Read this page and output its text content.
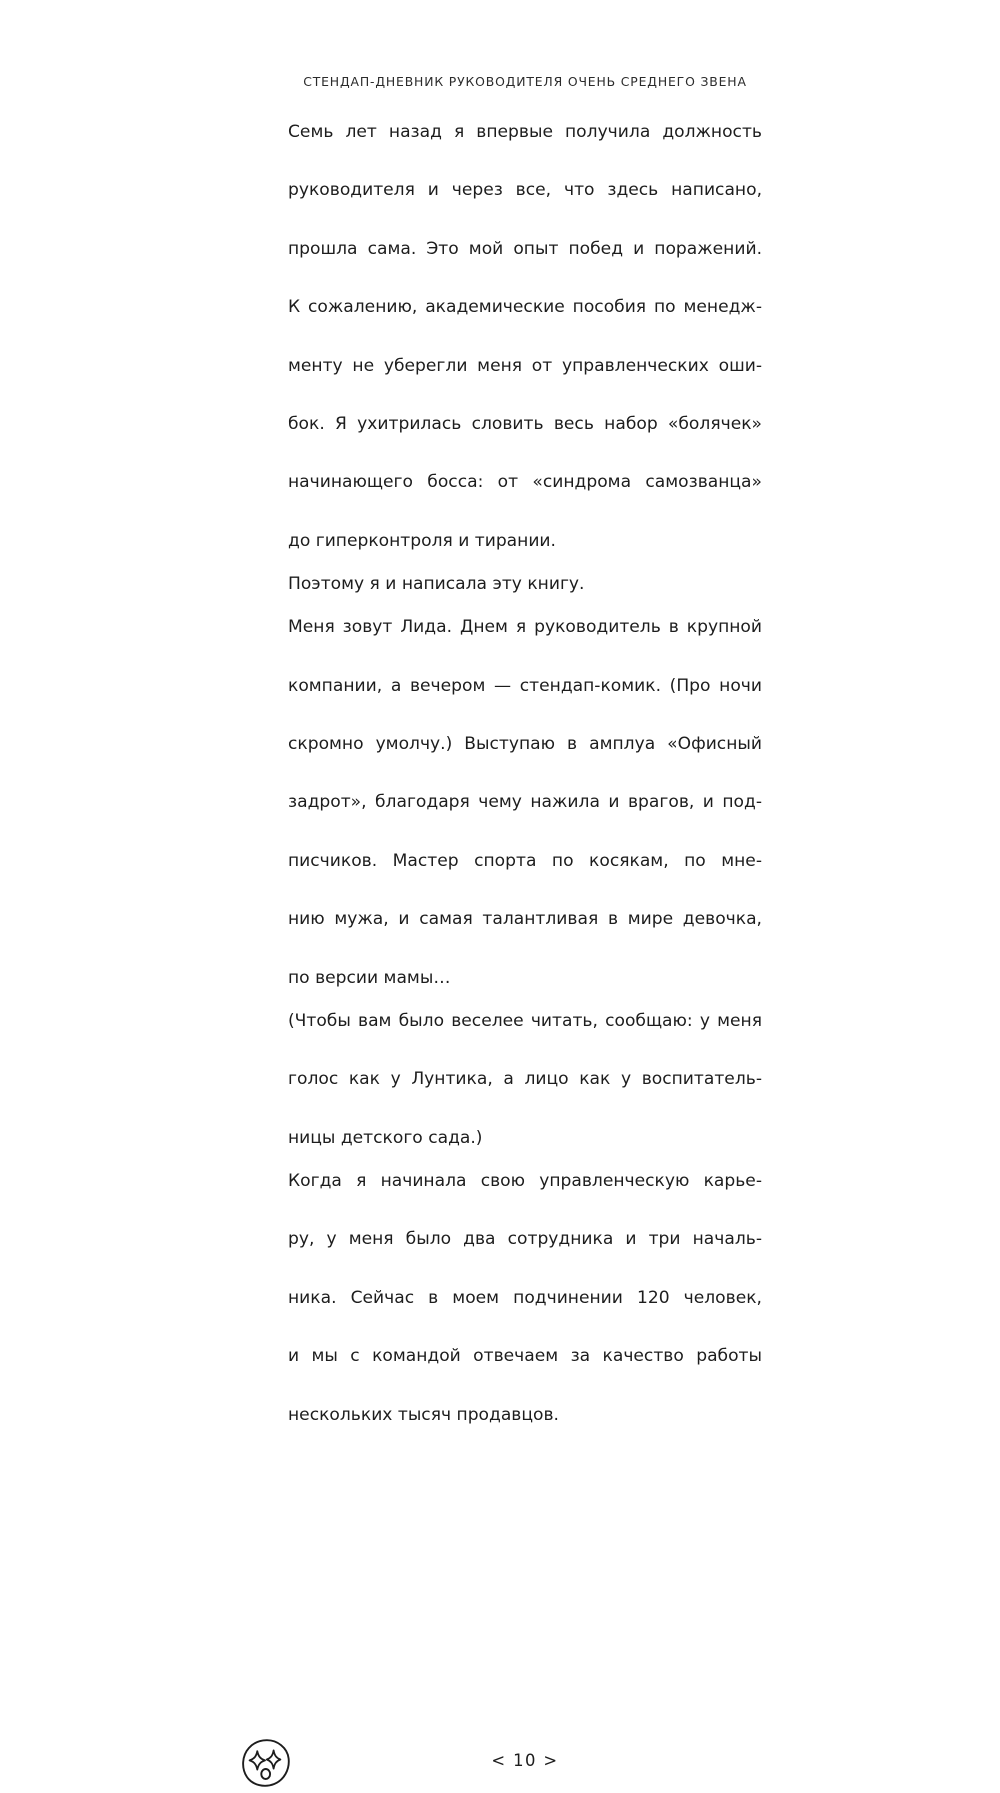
СТЕНДАП-ДНЕВНИК РУКОВОДИТЕЛЯ ОЧЕНЬ СРЕДНЕГО ЗВЕНА

Семь лет назад я впервые получила должность
руководителя и через все, что здесь написано,
прошла сама. Это мой опыт побед и поражений.
К сожалению, академические пособия по менедж-
менту не уберегли меня от управленческих оши-
бок. Я ухитрилась словить весь набор «болячек»
начинающего босса: от «синдрома самозванца»
до гиперконтроля и тирании.

Поэтому я и написала эту книгу.

Меня зовут Лида. Днем я руководитель в крупной
компании, а вечером — стендап-комик. (Про ночи
скромно умолчу.) Выступаю в амплуа «Офисный
задрот», благодаря чему нажила и врагов, и под-
писчиков. Мастер спорта по косякам, по мне-
нию мужа, и самая талантливая в мире девочка,
по версии мамы…

(Чтобы вам было веселее читать, сообщаю: у меня
голос как у Лунтика, а лицо как у воспитатель-
ницы детского сада.)

Когда я начинала свою управленческую карье-
ру, у меня было два сотрудника и три началь-
ника. Сейчас в моем подчинении 120 человек,
и мы с командой отвечаем за качество работы
нескольких тысяч продавцов.

< 10 >
